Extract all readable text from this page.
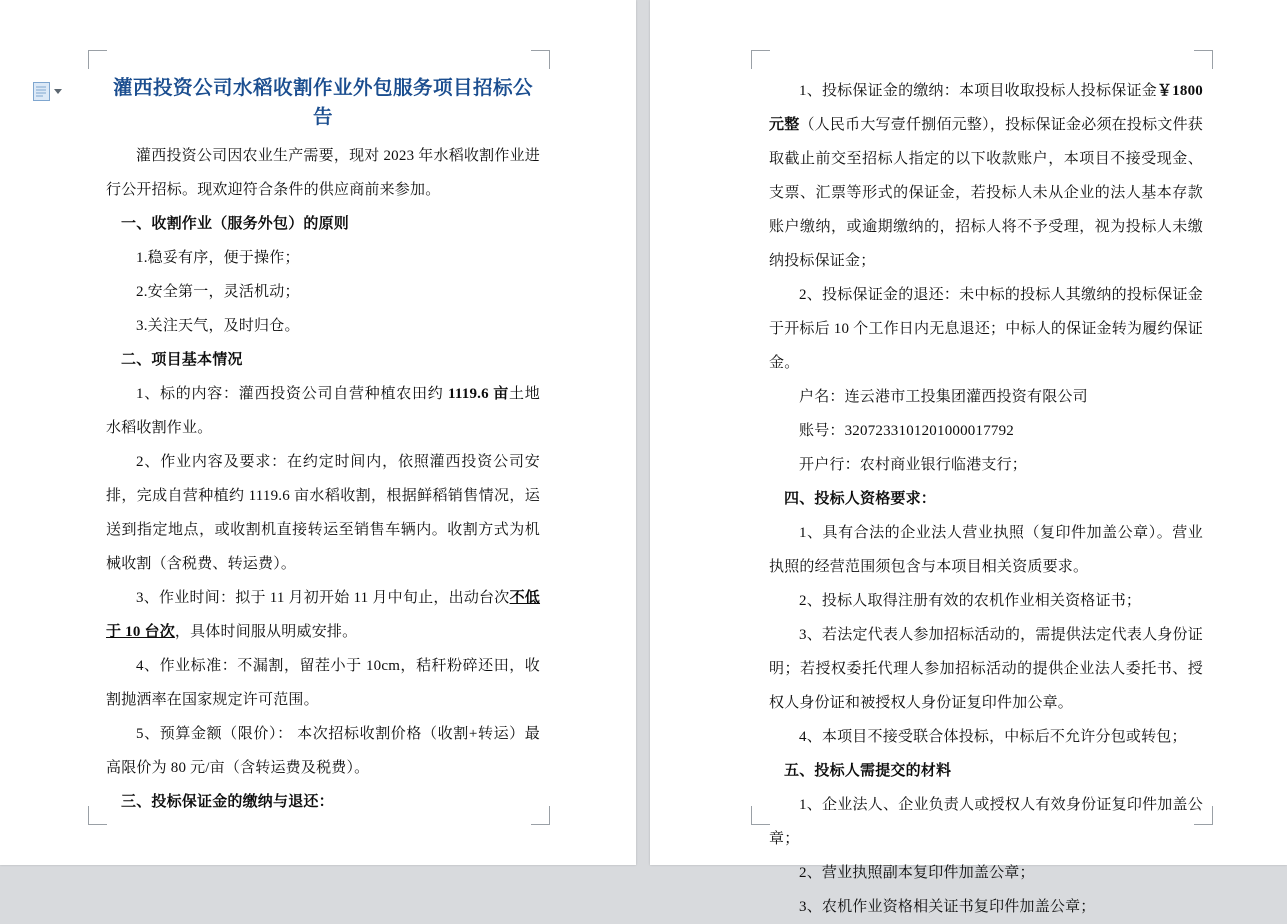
灌西投资公司水稻收割作业外包服务项目招标公告

灌西投资公司因农业生产需要，现对 2023 年水稻收割作业进行公开招标。现欢迎符合条件的供应商前来参加。

一、收割作业（服务外包）的原则

1.稳妥有序，便于操作；

2.安全第一，灵活机动；

3.关注天气，及时归仓。

二、项目基本情况

1、标的内容：灌西投资公司自营种植农田约 1119.6 亩土地水稻收割作业。

2、作业内容及要求：在约定时间内，依照灌西投资公司安排，完成自营种植约 1119.6 亩水稻收割，根据鲜稻销售情况，运送到指定地点，或收割机直接转运至销售车辆内。收割方式为机械收割（含税费、转运费）。

3、作业时间：拟于 11 月初开始 11 月中旬止，出动台次不低于 10 台次，具体时间服从明威安排。

4、作业标准：不漏割，留茬小于 10cm，秸秆粉碎还田，收割抛洒率在国家规定许可范围。

5、预算金额（限价）： 本次招标收割价格（收割+转运）最高限价为 80 元/亩（含转运费及税费）。

三、投标保证金的缴纳与退还：

1、投标保证金的缴纳：本项目收取投标人投标保证金￥1800 元整（人民币大写壹仟捌佰元整），投标保证金必须在投标文件获取截止前交至招标人指定的以下收款账户，本项目不接受现金、支票、汇票等形式的保证金，若投标人未从企业的法人基本存款账户缴纳，或逾期缴纳的，招标人将不予受理，视为投标人未缴纳投标保证金；

2、投标保证金的退还：未中标的投标人其缴纳的投标保证金于开标后 10 个工作日内无息退还；中标人的保证金转为履约保证金。

户名：连云港市工投集团灌西投资有限公司

账号：3207233101201000017792

开户行：农村商业银行临港支行；

四、投标人资格要求：

1、具有合法的企业法人营业执照（复印件加盖公章）。营业执照的经营范围须包含与本项目相关资质要求。

2、投标人取得注册有效的农机作业相关资格证书；

3、若法定代表人参加招标活动的，需提供法定代表人身份证明；若授权委托代理人参加招标活动的提供企业法人委托书、授权人身份证和被授权人身份证复印件加公章。

4、本项目不接受联合体投标，中标后不允许分包或转包；

五、投标人需提交的材料

1、企业法人、企业负责人或授权人有效身份证复印件加盖公章；

2、营业执照副本复印件加盖公章；

3、农机作业资格相关证书复印件加盖公章；
